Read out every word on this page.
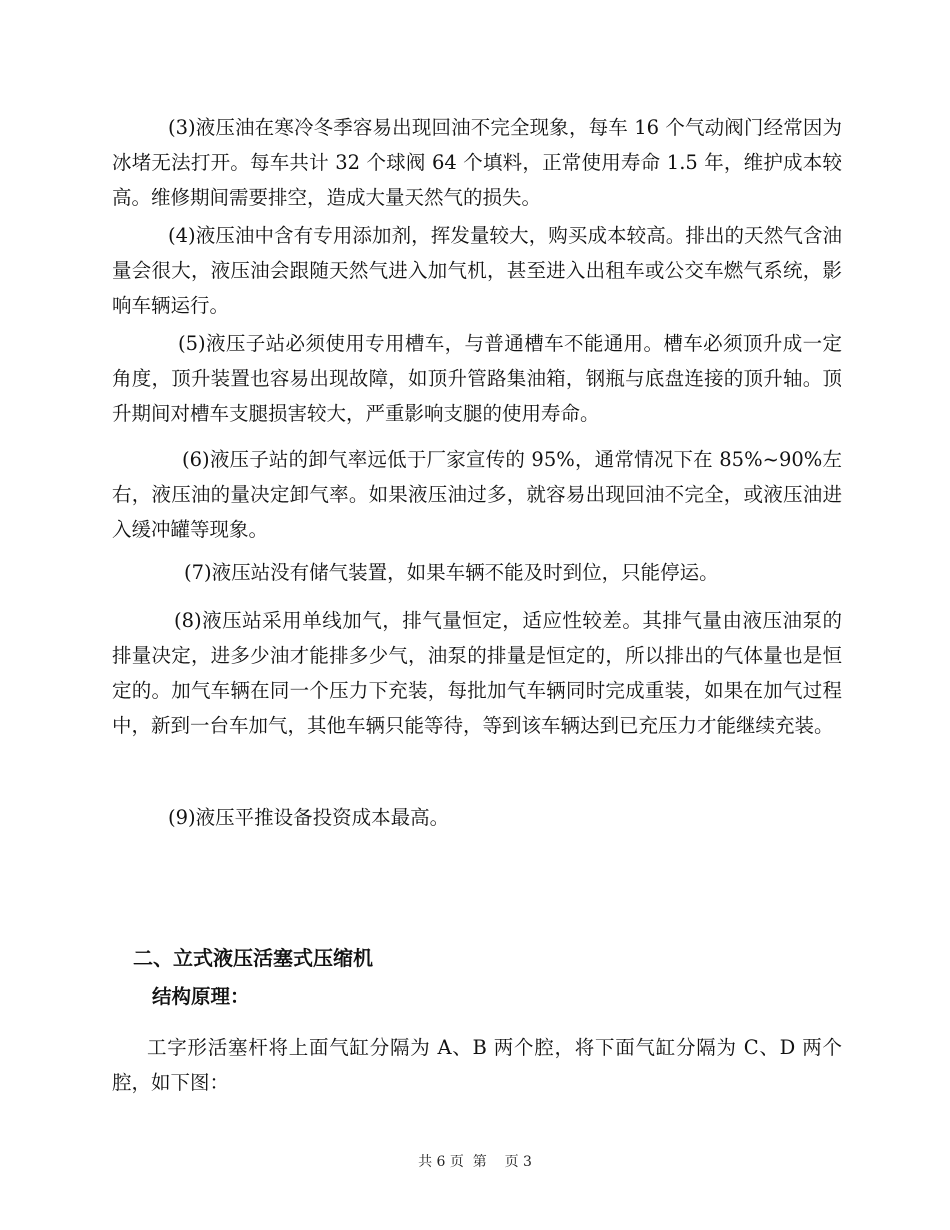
(3)液压油在寒冷冬季容易出现回油不完全现象，每车 16 个气动阀门经常因为冰堵无法打开。每车共计 32 个球阀 64 个填料，正常使用寿命 1.5 年，维护成本较高。维修期间需要排空，造成大量天然气的损失。

(4)液压油中含有专用添加剂，挥发量较大，购买成本较高。排出的天然气含油量会很大，液压油会跟随天然气进入加气机，甚至进入出租车或公交车燃气系统，影响车辆运行。

(5)液压子站必须使用专用槽车，与普通槽车不能通用。槽车必须顶升成一定角度，顶升装置也容易出现故障，如顶升管路集油箱，钢瓶与底盘连接的顶升轴。顶升期间对槽车支腿损害较大，严重影响支腿的使用寿命。

(6)液压子站的卸气率远低于厂家宣传的 95%，通常情况下在 85%~90%左右，液压油的量决定卸气率。如果液压油过多，就容易出现回油不完全，或液压油进入缓冲罐等现象。

(7)液压站没有储气装置，如果车辆不能及时到位，只能停运。

(8)液压站采用单线加气，排气量恒定，适应性较差。其排气量由液压油泵的排量决定，进多少油才能排多少气，油泵的排量是恒定的，所以排出的气体量也是恒定的。加气车辆在同一个压力下充装，每批加气车辆同时完成重装，如果在加气过程中，新到一台车加气，其他车辆只能等待，等到该车辆达到已充压力才能继续充装。

(9)液压平推设备投资成本最高。

二、立式液压活塞式压缩机
结构原理：

工字形活塞杆将上面气缸分隔为 A、B 两个腔，将下面气缸分隔为 C、D 两个腔，如下图：

共 6 页  第    页 3
